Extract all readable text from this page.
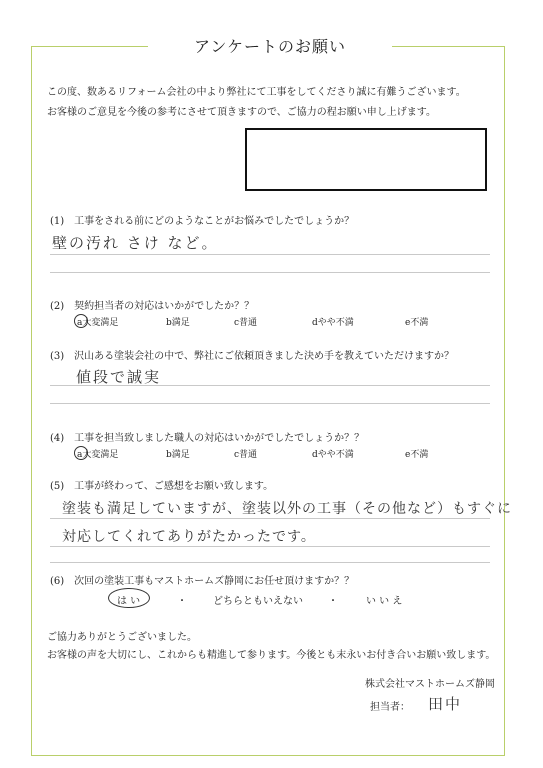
アンケートのお願い
この度、数あるリフォーム会社の中より弊社にて工事をしてくださり誠に有難うございます。
お客様のご意見を今後の参考にさせて頂きますので、ご協力の程お願い申し上げます。
(1)　工事をされる前にどのようなことがお悩みでしたでしょうか？
壁の汚れ さけ など。
(2)　契約担当者の対応はいかがでしたか？？
a大変満足	b満足	c普通	dやや不満	e不満
(3)　沢山ある塗装会社の中で、弊社にご依頼頂きました決め手を教えていただけますか？
値段で誠実
(4)　工事を担当致しました職人の対応はいかがでしたでしょうか？？
a大変満足	b満足	c普通	dやや不満	e不満
(5)　工事が終わって、ご感想をお願い致します。
塗装も満足していますが、塗装以外の工事（その他など）もすぐに
対応してくれてありがたかったです。
(6)　次回の塗装工事もマストホームズ静岡にお任せ頂けますか？？
は い	・	どちらともいえない	・	い い え
ご協力ありがとうございました。
お客様の声を大切にし、これからも精進して参ります。今後とも末永いお付き合いお願い致します。
株式会社マストホームズ静岡
担当者： 田中
